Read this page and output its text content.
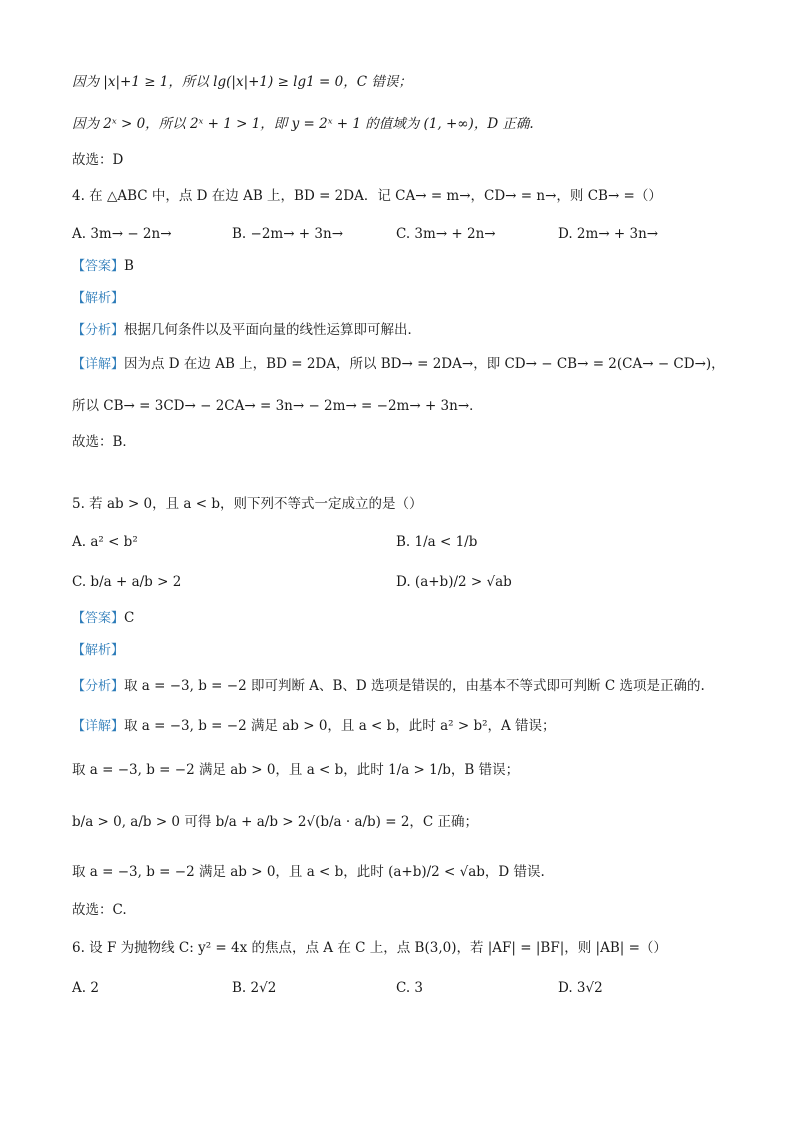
因为 |x|+1 ≥ 1，所以 lg(|x|+1) ≥ lg1 = 0，C 错误；
因为 2ˣ > 0，所以 2ˣ + 1 > 1，即 y = 2ˣ + 1 的值域为 (1, +∞)，D 正确.
故选：D
4. 在 △ABC 中，点 D 在边 AB 上，BD = 2DA．记 CA→ = m→，CD→ = n→，则 CB→ =（）
A. 3m→ − 2n→	B. −2m→ + 3n→	C. 3m→ + 2n→	D. 2m→ + 3n→
【答案】B
【解析】
【分析】根据几何条件以及平面向量的线性运算即可解出．
【详解】因为点 D 在边 AB 上，BD = 2DA，所以 BD→ = 2DA→，即 CD→ − CB→ = 2(CA→ − CD→)，
所以 CB→ = 3CD→ − 2CA→ = 3n→ − 2m→ = −2m→ + 3n→．
故选：B．
5. 若 ab > 0，且 a < b，则下列不等式一定成立的是（）
A. a² < b²	B. 1/a < 1/b
C. b/a + a/b > 2	D. (a+b)/2 > √ab
【答案】C
【解析】
【分析】取 a = −3, b = −2 即可判断 A、B、D 选项是错误的，由基本不等式即可判断 C 选项是正确的.
【详解】取 a = −3, b = −2 满足 ab > 0，且 a < b，此时 a² > b²，A 错误；
取 a = −3, b = −2 满足 ab > 0，且 a < b，此时 1/a > 1/b，B 错误；
b/a > 0, a/b > 0 可得 b/a + a/b > 2√(b/a · a/b) = 2，C 正确；
取 a = −3, b = −2 满足 ab > 0，且 a < b，此时 (a+b)/2 < √ab，D 错误.
故选：C.
6. 设 F 为抛物线 C: y² = 4x 的焦点，点 A 在 C 上，点 B(3,0)，若 |AF| = |BF|，则 |AB| =（）
A. 2	B. 2√2	C. 3	D. 3√2
